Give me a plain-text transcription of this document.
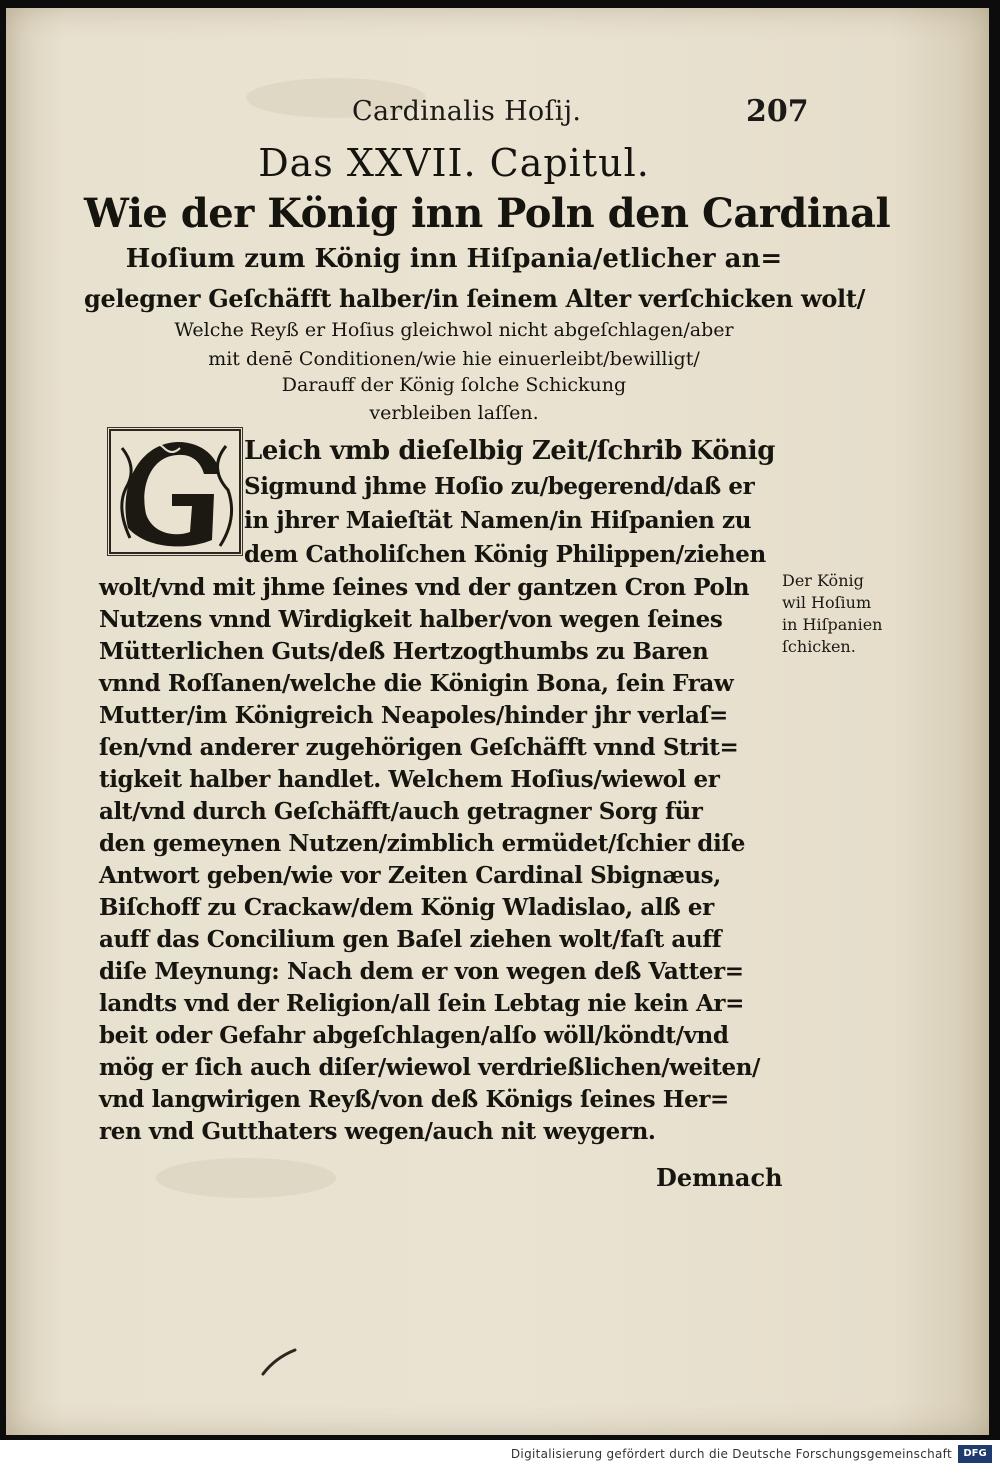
Cardinalis Hoſij.	207
Das XXVII. Capitul.
Wie der König inn Poln den Cardinal
Hoſium zum König inn Hiſpania/etlicher an=
gelegner Geſchäfft halber/in ſeinem Alter verſchicken wolt/
Welche Reyß er Hoſius gleichwol nicht abgeſchlagen/aber
mit denē Conditionen/wie hie einuerleibt/bewilligt/
Darauff der König ſolche Schickung
verbleiben laſſen.
Leich vmb dieſelbig Zeit/ſchrib König
Sigmund jhme Hoſio zu/begerend/daß er
in jhrer Maieſtät Namen/in Hiſpanien zu
dem Catholiſchen König Philippen/ziehen
wolt/vnd mit jhme ſeines vnd der gantzen Cron Poln
Nutzens vnnd Wirdigkeit halber/von wegen ſeines
Mütterlichen Guts/deß Hertzogthumbs zu Baren
vnnd Roſſanen/welche die Königin Bona, ſein Fraw
Mutter/im Königreich Neapoles/hinder jhr verlaſ=
ſen/vnd anderer zugehörigen Geſchäfft vnnd Strit=
tigkeit halber handlet. Welchem Hoſius/wiewol er
alt/vnd durch Geſchäfft/auch getragner Sorg für
den gemeynen Nutzen/zimblich ermüdet/ſchier diſe
Antwort geben/wie vor Zeiten Cardinal Sbignæus,
Biſchoff zu Crackaw/dem König Wladislao, alß er
auff das Concilium gen Baſel ziehen wolt/faſt auff
diſe Meynung: Nach dem er von wegen deß Vatter=
landts vnd der Religion/all ſein Lebtag nie kein Ar=
beit oder Gefahr abgeſchlagen/alſo wöll/köndt/vnd
mög er ſich auch diſer/wiewol verdrießlichen/weiten/
vnd langwirigen Reyß/von deß Königs ſeines Her=
ren vnd Gutthaters wegen/auch nit weygern.
Der König
wil Hoſium
in Hiſpanien
ſchicken.
Demnach
Digitalisierung gefördert durch die Deutsche Forschungsgemeinschaft	DFG
